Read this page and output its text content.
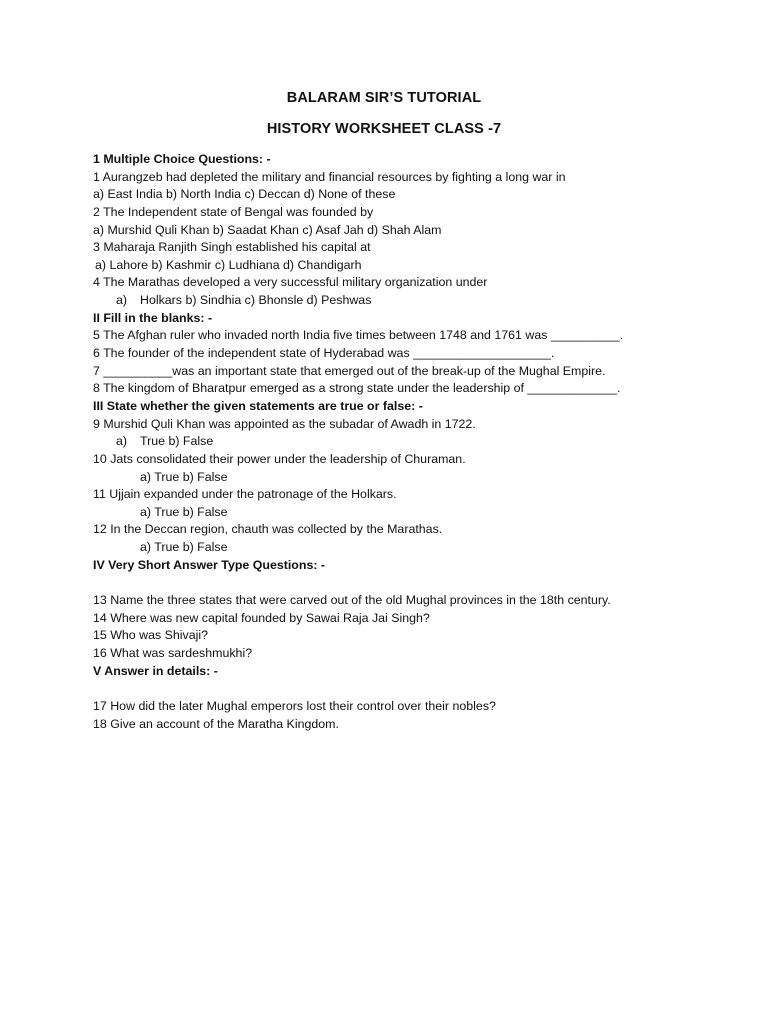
BALARAM SIR’S TUTORIAL
HISTORY WORKSHEET CLASS -7
1 Multiple Choice Questions: -
1 Aurangzeb had depleted the military and financial resources by fighting a long war in
a) East India b) North India c) Deccan d) None of these
2 The Independent state of Bengal was founded by
a) Murshid Quli Khan b) Saadat Khan c) Asaf Jah d) Shah Alam
3 Maharaja Ranjith Singh established his capital at
a) Lahore b) Kashmir c) Ludhiana d) Chandigarh
4 The Marathas developed a very successful military organization under
a) Holkars b) Sindhia c) Bhonsle d) Peshwas
II Fill in the blanks: -
5 The Afghan ruler who invaded north India five times between 1748 and 1761 was __________.
6 The founder of the independent state of Hyderabad was ____________________.
7 __________was an important state that emerged out of the break-up of the Mughal Empire.
8 The kingdom of Bharatpur emerged as a strong state under the leadership of _____________.
III State whether the given statements are true or false: -
9 Murshid Quli Khan was appointed as the subadar of Awadh in 1722.
a) True b) False
10 Jats consolidated their power under the leadership of Churaman.
a) True b) False
11 Ujjain expanded under the patronage of the Holkars.
a) True b) False
12 In the Deccan region, chauth was collected by the Marathas.
a) True b) False
IV Very Short Answer Type Questions: -
13 Name the three states that were carved out of the old Mughal provinces in the 18th century.
14 Where was new capital founded by Sawai Raja Jai Singh?
15 Who was Shivaji?
16 What was sardeshmukhi?
V Answer in details: -
17 How did the later Mughal emperors lost their control over their nobles?
18 Give an account of the Maratha Kingdom.
